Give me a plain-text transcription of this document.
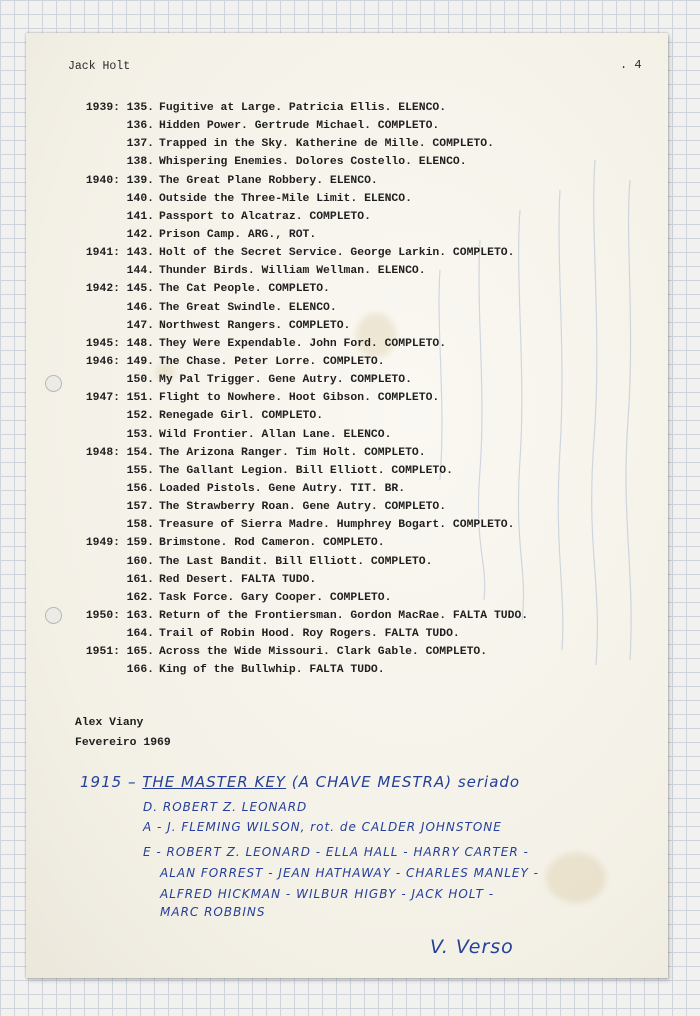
Jack Holt	. 4
1939: 135. Fugitive at Large. Patricia Ellis. ELENCO.
136. Hidden Power. Gertrude Michael. COMPLETO.
137. Trapped in the Sky. Katherine de Mille. COMPLETO.
138. Whispering Enemies. Dolores Costello. ELENCO.
1940: 139. The Great Plane Robbery. ELENCO.
140. Outside the Three-Mile Limit. ELENCO.
141. Passport to Alcatraz. COMPLETO.
142. Prison Camp. ARG., ROT.
1941: 143. Holt of the Secret Service. George Larkin. COMPLETO.
144. Thunder Birds. William Wellman. ELENCO.
1942: 145. The Cat People. COMPLETO.
146. The Great Swindle. ELENCO.
147. Northwest Rangers. COMPLETO.
1945: 148. They Were Expendable. John Ford. COMPLETO.
1946: 149. The Chase. Peter Lorre. COMPLETO.
150. My Pal Trigger. Gene Autry. COMPLETO.
1947: 151. Flight to Nowhere. Hoot Gibson. COMPLETO.
152. Renegade Girl. COMPLETO.
153. Wild Frontier. Allan Lane. ELENCO.
1948: 154. The Arizona Ranger. Tim Holt. COMPLETO.
155. The Gallant Legion. Bill Elliott. COMPLETO.
156. Loaded Pistols. Gene Autry. TIT. BR.
157. The Strawberry Roan. Gene Autry. COMPLETO.
158. Treasure of Sierra Madre. Humphrey Bogart. COMPLETO.
1949: 159. Brimstone. Rod Cameron. COMPLETO.
160. The Last Bandit. Bill Elliott. COMPLETO.
161. Red Desert. FALTA TUDO.
162. Task Force. Gary Cooper. COMPLETO.
1950: 163. Return of the Frontiersman. Gordon MacRae. FALTA TUDO.
164. Trail of Robin Hood. Roy Rogers. FALTA TUDO.
1951: 165. Across the Wide Missouri. Clark Gable. COMPLETO.
166. King of the Bullwhip. FALTA TUDO.
Alex Viany
Fevereiro 1969
1915 – THE MASTER KEY (A CHAVE MESTRA) seriado
D. ROBERT Z. LEONARD
A - J. FLEMING WILSON, rot. de CALDER JOHNSTONE
E - ROBERT Z. LEONARD - ELLA HALL - HARRY CARTER -
ALAN FORREST - JEAN HATHAWAY - CHARLES MANLEY -
ALFRED HICKMAN - WILBUR HIGBY - JACK HOLT -
MARC ROBBINS
V. Verso
